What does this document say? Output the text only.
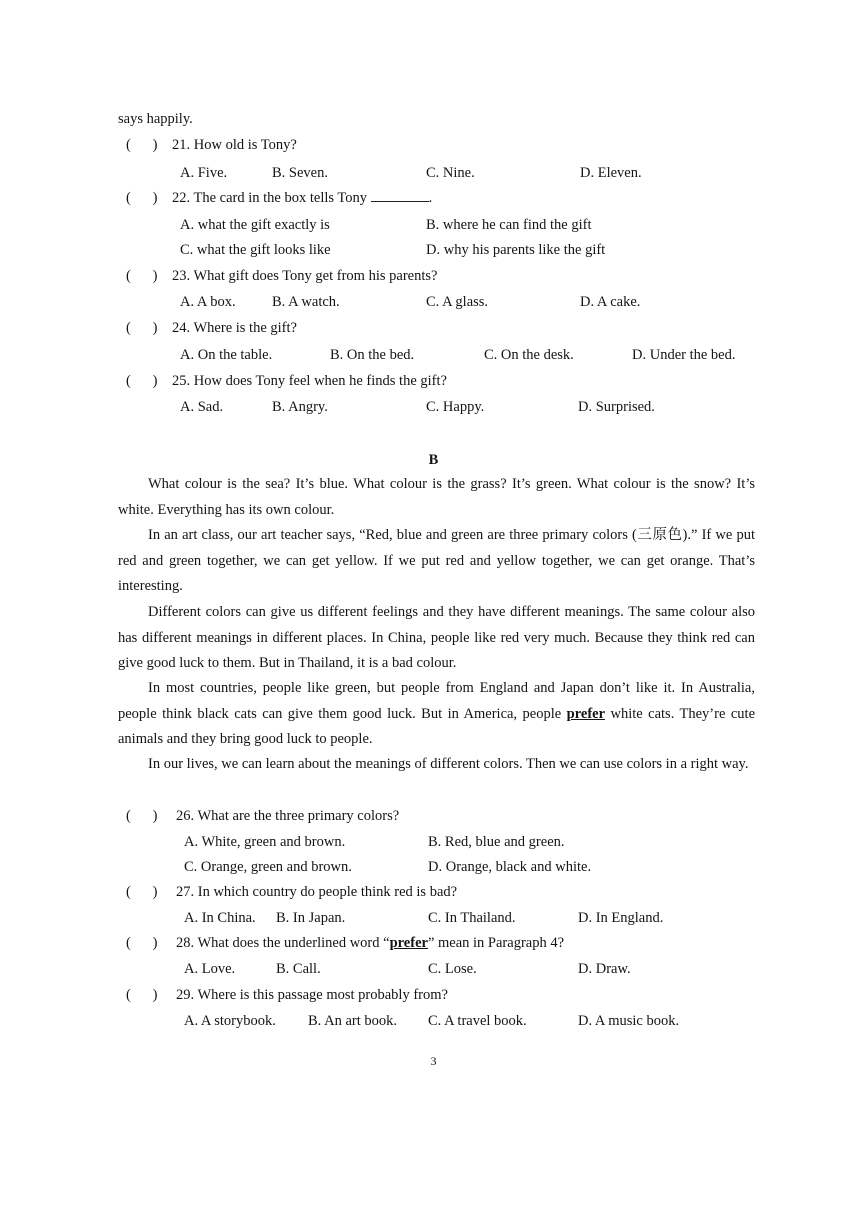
says happily.
(      ) 21. How old is Tony?
A. Five.	B. Seven.	C. Nine.	D. Eleven.
(      ) 22. The card in the box tells Tony	.
A. what the gift exactly is	B. where he can find the gift
C. what the gift looks like	D. why his parents like the gift
(      ) 23. What gift does Tony get from his parents?
A. A box.	B. A watch.	C. A glass.	D. A cake.
(      ) 24. Where is the gift?
A. On the table.	B. On the bed.	C. On the desk.	D. Under the bed.
(      ) 25. How does Tony feel when he finds the gift?
A. Sad.	B. Angry.	C. Happy.	D. Surprised.
B
What colour is the sea? It’s blue. What colour is the grass? It’s green. What colour is the snow? It’s white. Everything has its own colour.
In an art class, our art teacher says, “Red, blue and green are three primary colors (三原色).” If we put red and green together, we can get yellow. If we put red and yellow together, we can get orange. That’s interesting.
Different colors can give us different feelings and they have different meanings. The same colour also has different meanings in different places. In China, people like red very much. Because they think red can give good luck to them. But in Thailand, it is a bad colour.
In most countries, people like green, but people from England and Japan don’t like it. In Australia, people think black cats can give them good luck. But in America, people prefer white cats. They’re cute animals and they bring good luck to people.
In our lives, we can learn about the meanings of different colors. Then we can use colors in a right way.
(      ) 26. What are the three primary colors?
A. White, green and brown.	B. Red, blue and green.
C. Orange, green and brown.	D. Orange, black and white.
(      ) 27. In which country do people think red is bad?
A. In China. B. In Japan.	C. In Thailand.	D. In England.
(      ) 28. What does the underlined word “prefer” mean in Paragraph 4?
A. Love.	B. Call.	C. Lose.	D. Draw.
(      ) 29. Where is this passage most probably from?
A. A storybook. B. An art book. C. A travel book.	D. A music book.
3
